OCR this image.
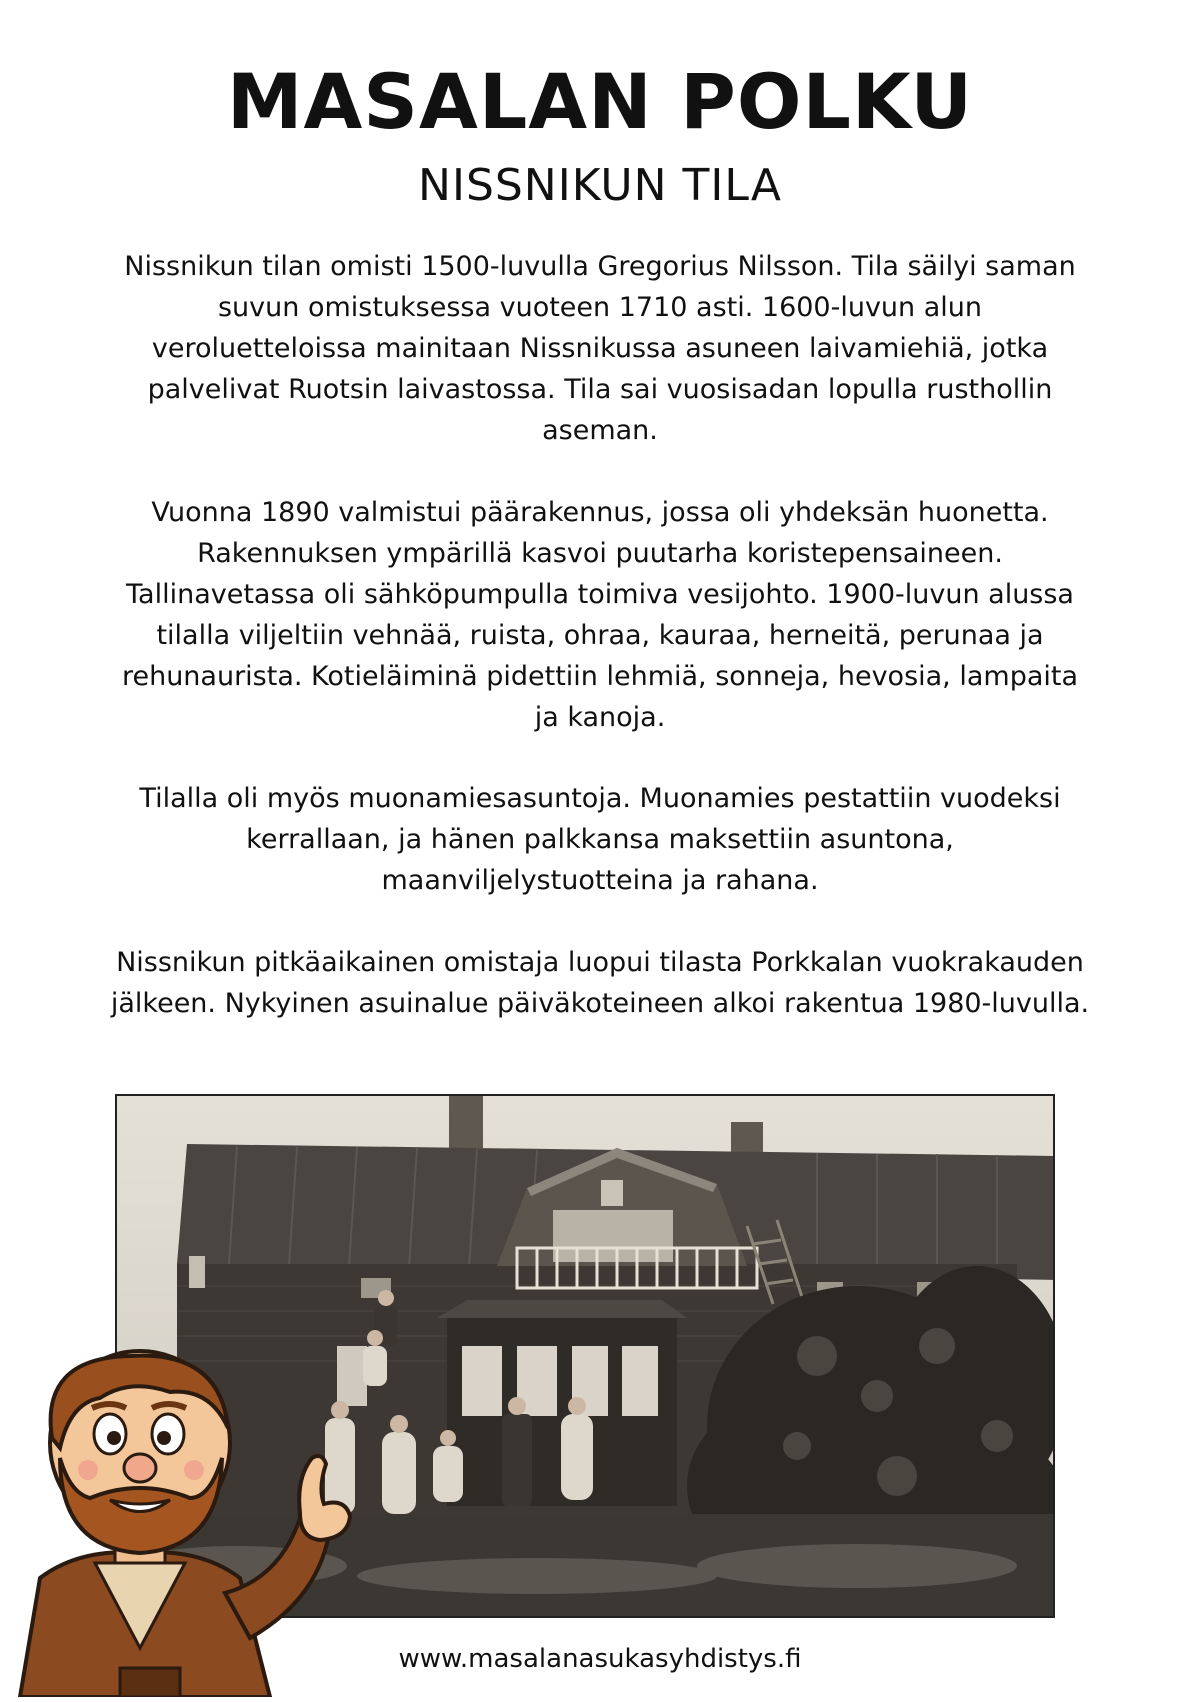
MASALAN POLKU
NISSNIKUN TILA

Nissnikun tilan omisti 1500-luvulla Gregorius Nilsson. Tila säilyi saman suvun omistuksessa vuoteen 1710 asti. 1600-luvun alun veroluetteloissa mainitaan Nissnikussa asuneen laivamiehiä, jotka palvelivat Ruotsin laivastossa. Tila sai vuosisadan lopulla rusthollin aseman.

Vuonna 1890 valmistui päärakennus, jossa oli yhdeksän huonetta. Rakennuksen ympärillä kasvoi puutarha koristepensaineen. Tallinavetassa oli sähköpumpulla toimiva vesijohto. 1900-luvun alussa tilalla viljeltiin vehnää, ruista, ohraa, kauraa, herneitä, perunaa ja rehunaurista. Kotieläiminä pidettiin lehmiä, sonneja, hevosia, lampaita ja kanoja.

Tilalla oli myös muonamiesasuntoja. Muonamies pestattiin vuodeksi kerrallaan, ja hänen palkkansa maksettiin asuntona, maanviljelystuotteina ja rahana.

Nissnikun pitkäaikainen omistaja luopui tilasta Porkkalan vuokrakauden jälkeen. Nykyinen asuinalue päiväkoteineen alkoi rakentua 1980-luvulla.

www.masalanasukasyhdistys.fi
